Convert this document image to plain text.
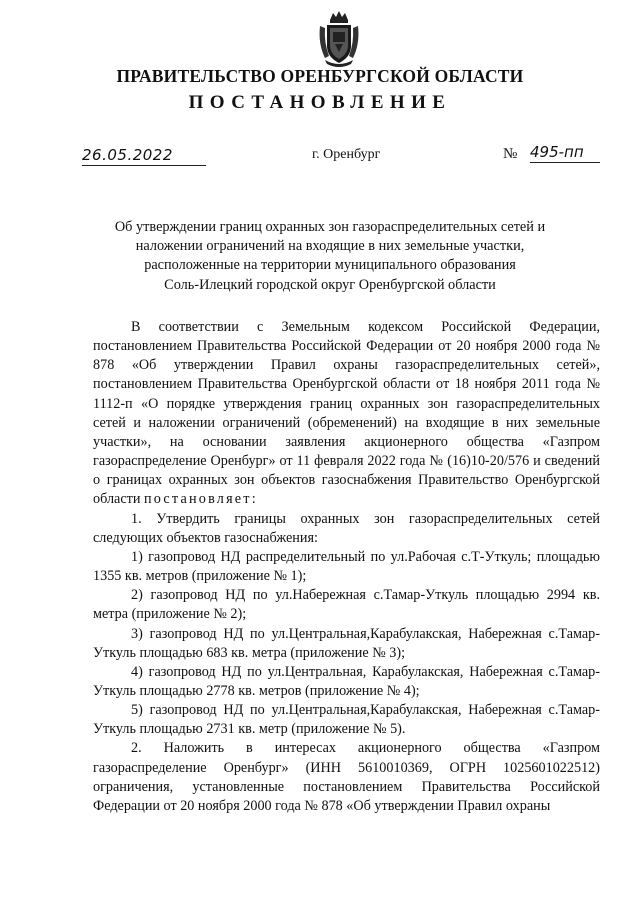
ПРАВИТЕЛЬСТВО ОРЕНБУРГСКОЙ ОБЛАСТИ
ПОСТАНОВЛЕНИЕ
26.05.2022	г. Оренбург	№ 495-пп
Об утверждении границ охранных зон газораспределительных сетей и
наложении ограничений на входящие в них земельные участки,
расположенные на территории муниципального образования
Соль-Илецкий городской округ Оренбургской области

В соответствии с Земельным кодексом Российской Федерации, постановлением Правительства Российской Федерации от 20 ноября 2000 года № 878 «Об утверждении Правил охраны газораспределительных сетей», постановлением Правительства Оренбургской области от 18 ноября 2011 года № 1112-п «О порядке утверждения границ охранных зон газораспределительных сетей и наложении ограничений (обременений) на входящие в них земельные участки», на основании заявления акционерного общества «Газпром газораспределение Оренбург» от 11 февраля 2022 года № (16)10-20/576 и сведений о границах охранных зон объектов газоснабжения Правительство Оренбургской области постановляет:

1. Утвердить границы охранных зон газораспределительных сетей следующих объектов газоснабжения:

1) газопровод НД распределительный по ул.Рабочая с.Т-Уткуль; площадью 1355 кв. метров (приложение № 1);

2) газопровод НД по ул.Набережная с.Тамар-Уткуль площадью 2994 кв. метра (приложение № 2);

3) газопровод НД по ул.Центральная,Карабулакская, Набережная с.Тамар-Уткуль площадью 683 кв. метра (приложение № 3);

4) газопровод НД по ул.Центральная, Карабулакская, Набережная с.Тамар-Уткуль площадью 2778 кв. метров (приложение № 4);

5) газопровод НД по ул.Центральная,Карабулакская, Набережная с.Тамар-Уткуль площадью 2731 кв. метр (приложение № 5).

2. Наложить в интересах акционерного общества «Газпром газораспределение Оренбург» (ИНН 5610010369, ОГРН 1025601022512) ограничения, установленные постановлением Правительства Российской Федерации от 20 ноября 2000 года № 878 «Об утверждении Правил охраны
